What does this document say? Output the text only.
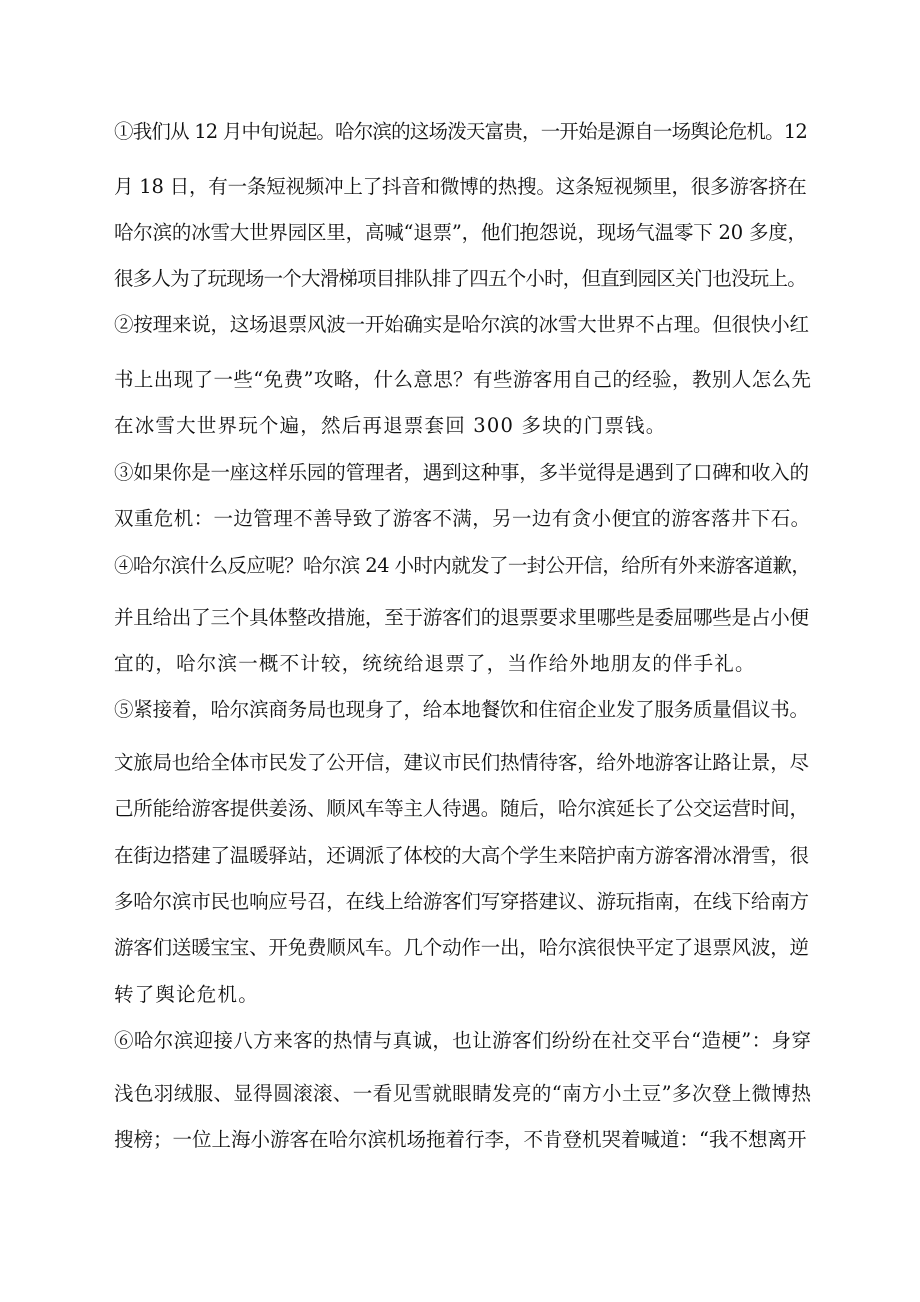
①我们从 12 月中旬说起。哈尔滨的这场泼天富贵，一开始是源自一场舆论危机。12
月 18 日，有一条短视频冲上了抖音和微博的热搜。这条短视频里，很多游客挤在
哈尔滨的冰雪大世界园区里，高喊“退票”，他们抱怨说，现场气温零下 20 多度，
很多人为了玩现场一个大滑梯项目排队排了四五个小时，但直到园区关门也没玩上。
②按理来说，这场退票风波一开始确实是哈尔滨的冰雪大世界不占理。但很快小红
书上出现了一些“免费”攻略，什么意思？有些游客用自己的经验，教别人怎么先
在冰雪大世界玩个遍，然后再退票套回 300 多块的门票钱。
③如果你是一座这样乐园的管理者，遇到这种事，多半觉得是遇到了口碑和收入的
双重危机：一边管理不善导致了游客不满，另一边有贪小便宜的游客落井下石。
④哈尔滨什么反应呢？哈尔滨 24 小时内就发了一封公开信，给所有外来游客道歉，
并且给出了三个具体整改措施，至于游客们的退票要求里哪些是委屈哪些是占小便
宜的，哈尔滨一概不计较，统统给退票了，当作给外地朋友的伴手礼。
⑤紧接着，哈尔滨商务局也现身了，给本地餐饮和住宿企业发了服务质量倡议书。
文旅局也给全体市民发了公开信，建议市民们热情待客，给外地游客让路让景，尽
己所能给游客提供姜汤、顺风车等主人待遇。随后，哈尔滨延长了公交运营时间，
在街边搭建了温暖驿站，还调派了体校的大高个学生来陪护南方游客滑冰滑雪，很
多哈尔滨市民也响应号召，在线上给游客们写穿搭建议、游玩指南，在线下给南方
游客们送暖宝宝、开免费顺风车。几个动作一出，哈尔滨很快平定了退票风波，逆
转了舆论危机。
⑥哈尔滨迎接八方来客的热情与真诚，也让游客们纷纷在社交平台“造梗”：身穿
浅色羽绒服、显得圆滚滚、一看见雪就眼睛发亮的“南方小土豆”多次登上微博热
搜榜；一位上海小游客在哈尔滨机场拖着行李，不肯登机哭着喊道：“我不想离开
